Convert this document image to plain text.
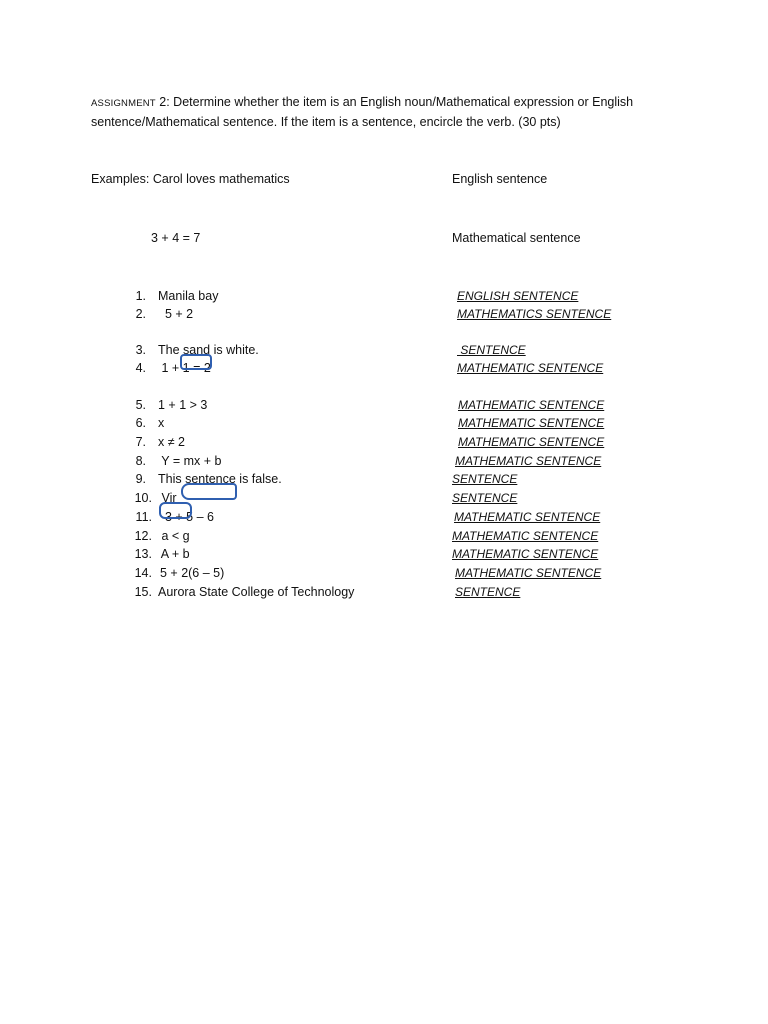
ASSIGNMENT 2: Determine whether the item is an English noun/Mathematical expression or English
sentence/Mathematical sentence. If the item is a sentence, encircle the verb. (30 pts)
Examples: Carol loves mathematics	English sentence
3 + 4 = 7	Mathematical sentence
1. Manila bay	ENGLISH SENTENCE
2. 5 + 2	MATHEMATICS SENTENCE
3. The sand is white.	SENTENCE
4. 1 + 1 = 2	MATHEMATIC SENTENCE
5. 1 + 1 > 3	MATHEMATIC SENTENCE
6. x	MATHEMATIC SENTENCE
7. x ≠ 2	MATHEMATIC SENTENCE
8. Y = mx + b	MATHEMATIC SENTENCE
9. This sentence is false.	SENTENCE
10. Vir	SENTENCE
11. 3 + 5 – 6	MATHEMATIC SENTENCE
12. a < g	MATHEMATIC SENTENCE
13. A + b	MATHEMATIC SENTENCE
14. 5 + 2(6 – 5)	MATHEMATIC SENTENCE
15. Aurora State College of Technology	SENTENCE
